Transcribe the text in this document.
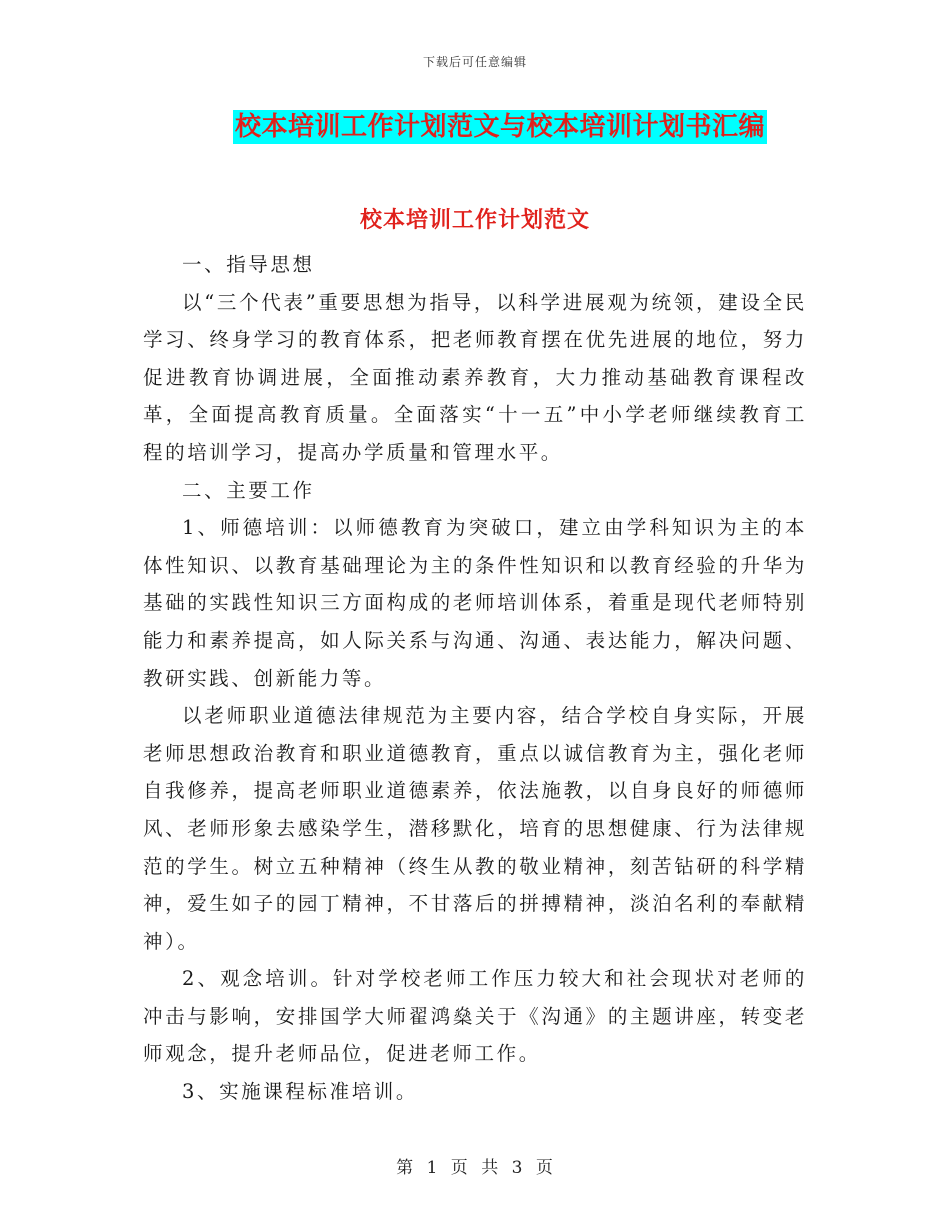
下载后可任意编辑
校本培训工作计划范文与校本培训计划书汇编
校本培训工作计划范文

一、指导思想

以“三个代表”重要思想为指导，以科学进展观为统领，建设全民学习、终身学习的教育体系，把老师教育摆在优先进展的地位，努力促进教育协调进展，全面推动素养教育，大力推动基础教育课程改革，全面提高教育质量。全面落实“十一五”中小学老师继续教育工程的培训学习，提高办学质量和管理水平。

二、主要工作

1、师德培训：以师德教育为突破口，建立由学科知识为主的本体性知识、以教育基础理论为主的条件性知识和以教育经验的升华为基础的实践性知识三方面构成的老师培训体系，着重是现代老师特别能力和素养提高，如人际关系与沟通、沟通、表达能力，解决问题、教研实践、创新能力等。

以老师职业道德法律规范为主要内容，结合学校自身实际，开展老师思想政治教育和职业道德教育，重点以诚信教育为主，强化老师自我修养，提高老师职业道德素养，依法施教，以自身良好的师德师风、老师形象去感染学生，潜移默化，培育的思想健康、行为法律规范的学生。树立五种精神（终生从教的敬业精神，刻苦钻研的科学精神，爱生如子的园丁精神，不甘落后的拼搏精神，淡泊名利的奉献精神）。

2、观念培训。针对学校老师工作压力较大和社会现状对老师的冲击与影响，安排国学大师翟鸿燊关于《沟通》的主题讲座，转变老师观念，提升老师品位，促进老师工作。

3、实施课程标准培训。

第 1 页 共 3 页
